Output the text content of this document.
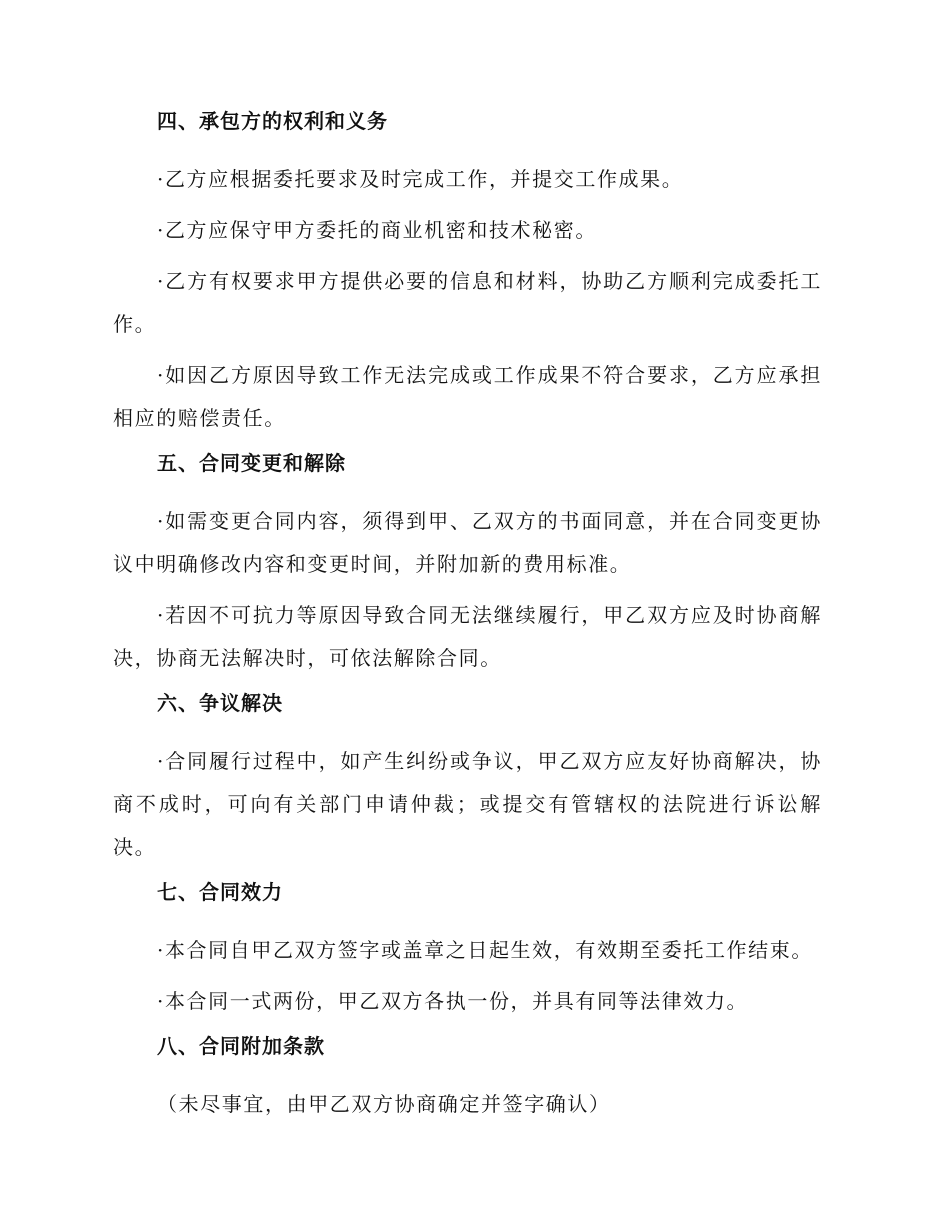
四、承包方的权利和义务

·乙方应根据委托要求及时完成工作，并提交工作成果。

·乙方应保守甲方委托的商业机密和技术秘密。

·乙方有权要求甲方提供必要的信息和材料，协助乙方顺利完成委托工作。

·如因乙方原因导致工作无法完成或工作成果不符合要求，乙方应承担相应的赔偿责任。

五、合同变更和解除

·如需变更合同内容，须得到甲、乙双方的书面同意，并在合同变更协议中明确修改内容和变更时间，并附加新的费用标准。

·若因不可抗力等原因导致合同无法继续履行，甲乙双方应及时协商解决，协商无法解决时，可依法解除合同。

六、争议解决

·合同履行过程中，如产生纠纷或争议，甲乙双方应友好协商解决，协商不成时，可向有关部门申请仲裁；或提交有管辖权的法院进行诉讼解决。

七、合同效力

·本合同自甲乙双方签字或盖章之日起生效，有效期至委托工作结束。

·本合同一式两份，甲乙双方各执一份，并具有同等法律效力。

八、合同附加条款

（未尽事宜，由甲乙双方协商确定并签字确认）
